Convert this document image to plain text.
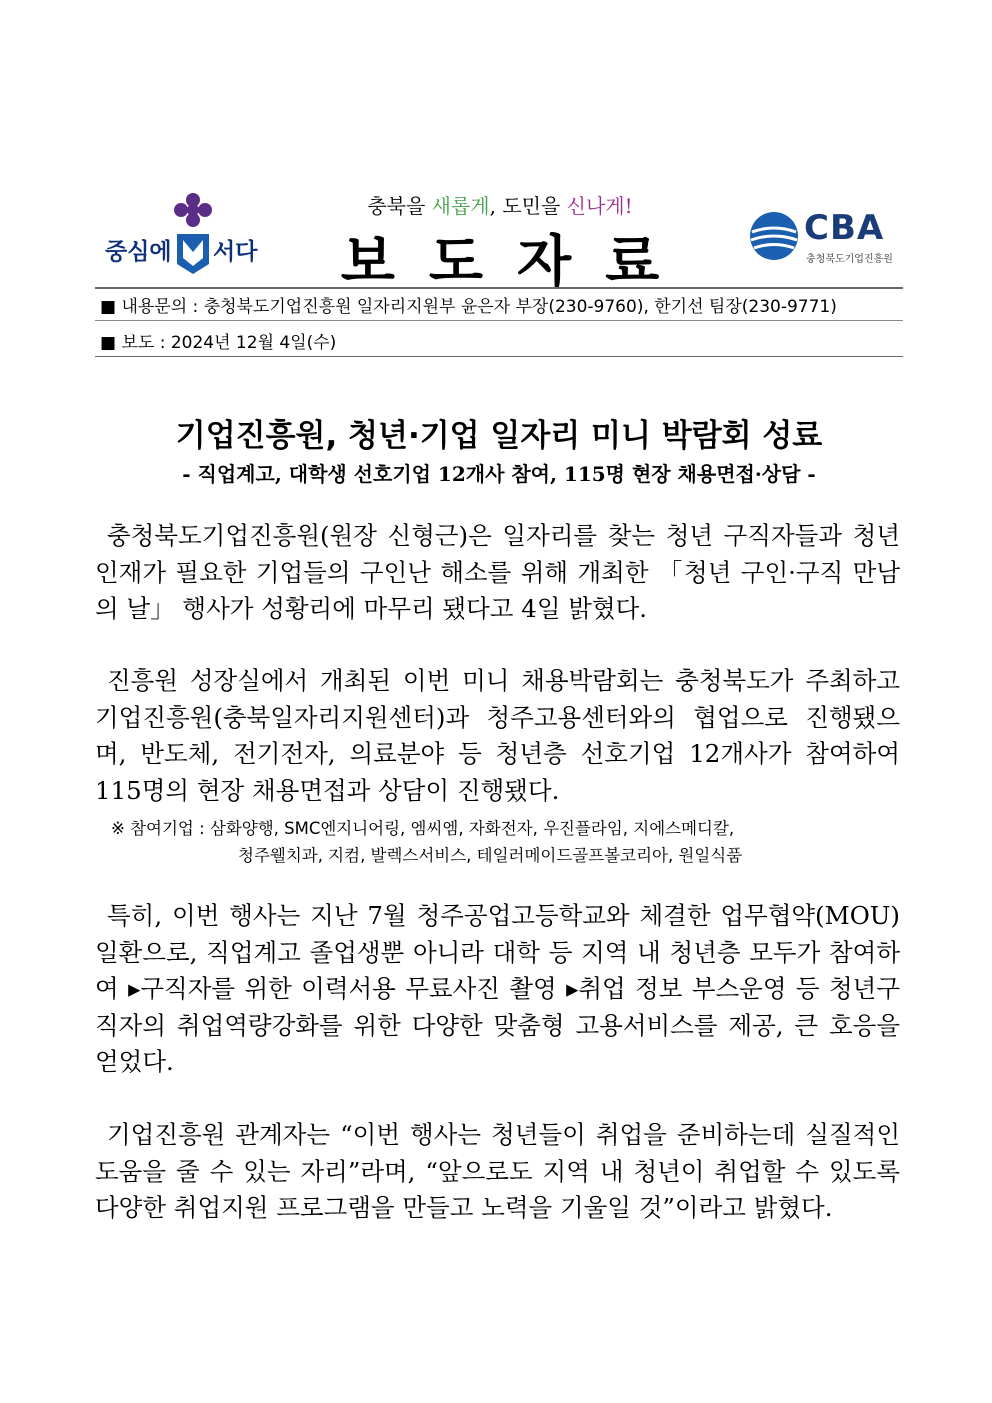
중심에 서다
충북을 새롭게, 도민을 신나게!
보도자료
CBA
충청북도기업진흥원
■ 내용문의 : 충청북도기업진흥원 일자리지원부 윤은자 부장(230-9760), 한기선 팀장(230-9771)
■ 보도 : 2024년 12월 4일(수)
기업진흥원, 청년·기업 일자리 미니 박람회 성료
- 직업계고, 대학생 선호기업 12개사 참여, 115명 현장 채용면접·상담 -

충청북도기업진흥원(원장 신형근)은 일자리를 찾는 청년 구직자들과 청년인재가 필요한 기업들의 구인난 해소를 위해 개최한 「청년 구인·구직 만남의 날」 행사가 성황리에 마무리 됐다고 4일 밝혔다.

진흥원 성장실에서 개최된 이번 미니 채용박람회는 충청북도가 주최하고 기업진흥원(충북일자리지원센터)과 청주고용센터와의 협업으로 진행됐으며, 반도체, 전기전자, 의료분야 등 청년층 선호기업 12개사가 참여하여 115명의 현장 채용면접과 상담이 진행됐다.

※ 참여기업 : 삼화양행, SMC엔지니어링, 엠씨엠, 자화전자, 우진플라임, 지에스메디칼,
청주웰치과, 지컴, 발렉스서비스, 테일러메이드골프볼코리아, 원일식품

특히, 이번 행사는 지난 7월 청주공업고등학교와 체결한 업무협약(MOU) 일환으로, 직업계고 졸업생뿐 아니라 대학 등 지역 내 청년층 모두가 참여하여 ▸구직자를 위한 이력서용 무료사진 촬영 ▸취업 정보 부스운영 등 청년구직자의 취업역량강화를 위한 다양한 맞춤형 고용서비스를 제공, 큰 호응을 얻었다.

기업진흥원 관계자는 “이번 행사는 청년들이 취업을 준비하는데 실질적인 도움을 줄 수 있는 자리”라며, “앞으로도 지역 내 청년이 취업할 수 있도록 다양한 취업지원 프로그램을 만들고 노력을 기울일 것”이라고 밝혔다.
